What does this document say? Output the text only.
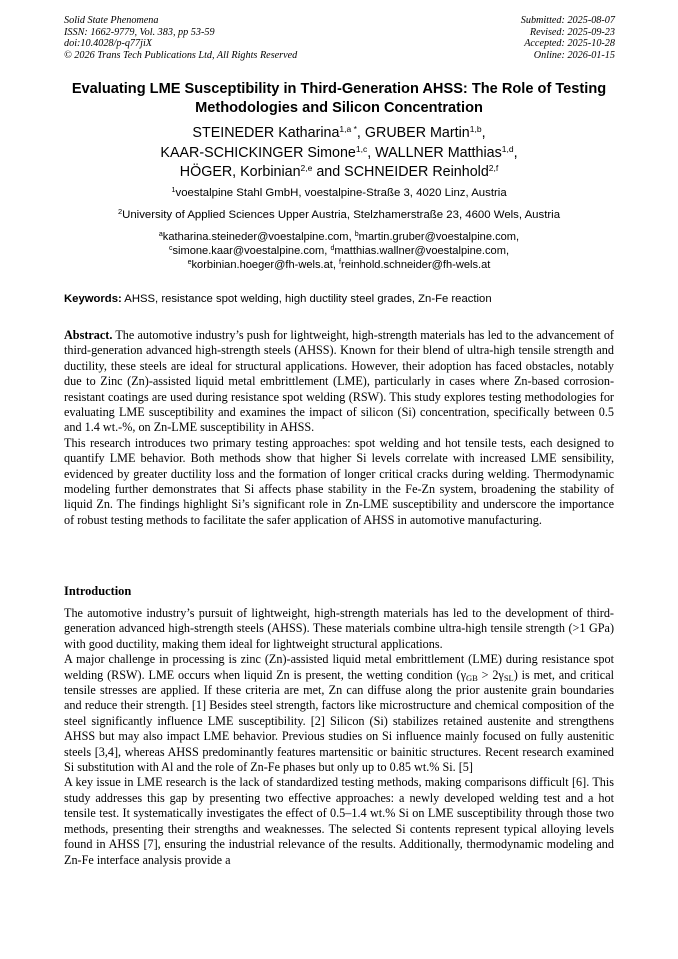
Solid State Phenomena
ISSN: 1662-9779, Vol. 383, pp 53-59
doi:10.4028/p-q77jiX
© 2026 Trans Tech Publications Ltd, All Rights Reserved
Submitted: 2025-08-07
Revised: 2025-09-23
Accepted: 2025-10-28
Online: 2026-01-15
Evaluating LME Susceptibility in Third-Generation AHSS: The Role of Testing Methodologies and Silicon Concentration
STEINEDER Katharina$^{1,a *}$, GRUBER Martin$^{1,b}$,
KAAR-SCHICKINGER Simone$^{1,c}$, WALLNER Matthias$^{1,d}$,
HÖGER, Korbinian$^{2,e}$ and SCHNEIDER Reinhold$^{2,f}$
$^1$voestalpine Stahl GmbH, voestalpine-Straße 3, 4020 Linz, Austria
$^2$University of Applied Sciences Upper Austria, Stelzhamerstraße 23, 4600 Wels, Austria
$^a$katharina.steineder@voestalpine.com, $^b$martin.gruber@voestalpine.com,
$^c$simone.kaar@voestalpine.com, $^d$matthias.wallner@voestalpine.com,
$^e$korbinian.hoeger@fh-wels.at, $^f$reinhold.schneider@fh-wels.at
Keywords: AHSS, resistance spot welding, high ductility steel grades, Zn-Fe reaction

Abstract. The automotive industry’s push for lightweight, high-strength materials has led to the advancement of third-generation advanced high-strength steels (AHSS). Known for their blend of ultra-high tensile strength and ductility, these steels are ideal for structural applications. However, their adoption has faced obstacles, notably due to Zinc (Zn)-assisted liquid metal embrittlement (LME), particularly in cases where Zn-based corrosion-resistant coatings are used during resistance spot welding (RSW). This study explores testing methodologies for evaluating LME susceptibility and examines the impact of silicon (Si) concentration, specifically between 0.5 and 1.4 wt.-%, on Zn-LME susceptibility in AHSS.

This research introduces two primary testing approaches: spot welding and hot tensile tests, each designed to quantify LME behavior. Both methods show that higher Si levels correlate with increased LME sensibility, evidenced by greater ductility loss and the formation of longer critical cracks during welding. Thermodynamic modeling further demonstrates that Si affects phase stability in the Fe-Zn system, broadening the stability of liquid Zn. The findings highlight Si’s significant role in Zn-LME susceptibility and underscore the importance of robust testing methods to facilitate the safer application of AHSS in automotive manufacturing.

Introduction

The automotive industry’s pursuit of lightweight, high-strength materials has led to the development of third-generation advanced high-strength steels (AHSS). These materials combine ultra-high tensile strength (>1 GPa) with good ductility, making them ideal for lightweight structural applications.

A major challenge in processing is zinc (Zn)-assisted liquid metal embrittlement (LME) during resistance spot welding (RSW). LME occurs when liquid Zn is present, the wetting condition $(\gamma_{GB} > 2\gamma_{SL})$ is met, and critical tensile stresses are applied. If these criteria are met, Zn can diffuse along the prior austenite grain boundaries and reduce their strength. [1] Besides steel strength, factors like microstructure and chemical composition of the steel significantly influence LME susceptibility. [2] Silicon (Si) stabilizes retained austenite and strengthens AHSS but may also impact LME behavior. Previous studies on Si influence mainly focused on fully austenitic steels [3,4], whereas AHSS predominantly features martensitic or bainitic structures. Recent research examined Si substitution with Al and the role of Zn-Fe phases but only up to 0.85 wt.% Si. [5]

A key issue in LME research is the lack of standardized testing methods, making comparisons difficult [6]. This study addresses this gap by presenting two effective approaches: a newly developed welding test and a hot tensile test. It systematically investigates the effect of 0.5–1.4 wt.% Si on LME susceptibility through those two methods, presenting their strengths and weaknesses. The selected Si contents represent typical alloying levels found in AHSS [7], ensuring the industrial relevance of the results. Additionally, thermodynamic modeling and Zn-Fe interface analysis provide a
